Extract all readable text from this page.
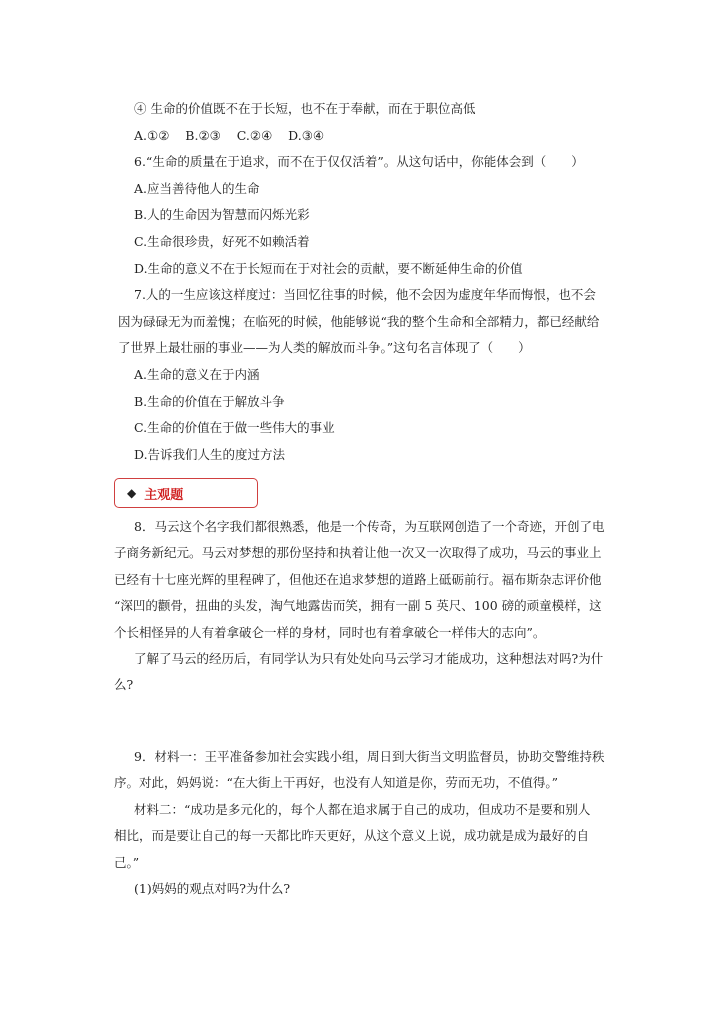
④ 生命的价值既不在于长短，也不在于奉献，而在于职位高低
A.①②    B.②③    C.②④    D.③④
6.“生命的质量在于追求，而不在于仅仅活着”。从这句话中，你能体会到（　　）
A.应当善待他人的生命
B.人的生命因为智慧而闪烁光彩
C.生命很珍贵，好死不如赖活着
D.生命的意义不在于长短而在于对社会的贡献，要不断延伸生命的价值
7.人的一生应该这样度过：当回忆往事的时候，他不会因为虚度年华而悔恨，也不会
因为碌碌无为而羞愧；在临死的时候，他能够说“我的整个生命和全部精力，都已经献给
了世界上最壮丽的事业——为人类的解放而斗争。”这句名言体现了（　　）
A.生命的意义在于内涵
B.生命的价值在于解放斗争
C.生命的价值在于做一些伟大的事业
D.告诉我们人生的度过方法
◆ 主观题
8．马云这个名字我们都很熟悉，他是一个传奇，为互联网创造了一个奇迹，开创了电
子商务新纪元。马云对梦想的那份坚持和执着让他一次又一次取得了成功，马云的事业上
已经有十七座光辉的里程碑了，但他还在追求梦想的道路上砥砺前行。福布斯杂志评价他
“深凹的颧骨，扭曲的头发，淘气地露齿而笑，拥有一副 5 英尺、100 磅的顽童模样，这
个长相怪异的人有着拿破仑一样的身材，同时也有着拿破仑一样伟大的志向”。
了解了马云的经历后，有同学认为只有处处向马云学习才能成功，这种想法对吗?为什
么?
9．材料一：王平准备参加社会实践小组，周日到大街当文明监督员，协助交警维持秩
序。对此，妈妈说：“在大街上干再好，也没有人知道是你，劳而无功，不值得。”
材料二：“成功是多元化的，每个人都在追求属于自己的成功，但成功不是要和别人
相比，而是要让自己的每一天都比昨天更好，从这个意义上说，成功就是成为最好的自
己。”
(1)妈妈的观点对吗?为什么?
